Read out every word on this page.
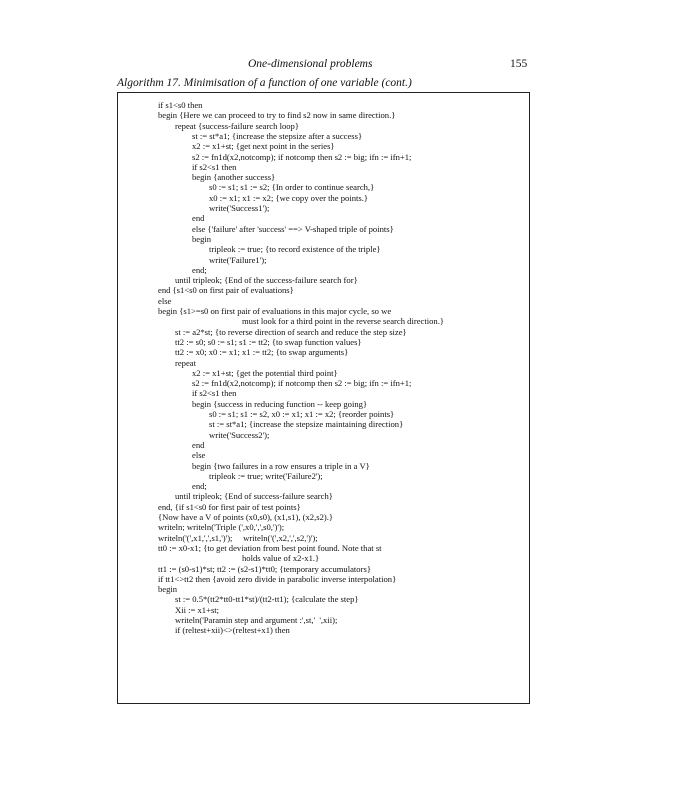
One-dimensional problems	155
Algorithm 17. Minimisation of a function of one variable (cont.)
if s1<s0 then
begin {Here we can proceed to try to find s2 now in same direction.}
repeat {success-failure search loop}
st := st*a1; {increase the stepsize after a success}
x2 := x1+st; {get next point in the series}
s2 := fn1d(x2,notcomp); if notcomp then s2 := big; ifn := ifn+1;
if s2<s1 then
begin {another success}
s0 := s1; s1 := s2; {In order to continue search,}
x0 := x1; x1 := x2; {we copy over the points.}
write('Success1');
end
else {'failure' after 'success' ==> V-shaped triple of points}
begin
tripleok := true; {to record existence of the triple}
write('Failure1');
end;
until tripleok; {End of the success-failure search for}
end {s1<s0 on first pair of evaluations}
else
begin {s1>=s0 on first pair of evaluations in this major cycle, so we
must look for a third point in the reverse search direction.}
st := a2*st; {to reverse direction of search and reduce the step size}
tt2 := s0; s0 := s1; s1 := tt2; {to swap function values}
tt2 := x0; x0 := x1; x1 := tt2; {to swap arguments}
repeat
x2 := x1+st; {get the potential third point}
s2 := fn1d(x2,notcomp); if notcomp then s2 := big; ifn := ifn+1;
if s2<s1 then
begin {success in reducing function -- keep going}
s0 := s1; s1 := s2, x0 := x1; x1 := x2; {reorder points}
st := st*a1; {increase the stepsize maintaining direction}
write('Success2');
end
else
begin {two failures in a row ensures a triple in a V}
tripleok := true; write('Failure2');
end;
until tripleok; {End of success-failure search}
end, {if s1<s0 for first pair of test points}
{Now have a V of points (x0,s0), (x1,s1), (x2,s2).}
writeln; writeln('Triple (',x0,',',s0,')');
writeln('(',x1,',',s1,')');     writeln('(',x2,',',s2,')');
tt0 := x0-x1; {to get deviation from best point found. Note that st
holds value of x2-x1.}
tt1 := (s0-s1)*st; tt2 := (s2-s1)*tt0; {temporary accumulators}
if tt1<>tt2 then {avoid zero divide in parabolic inverse interpolation}
begin
st := 0.5*(tt2*tt0-tt1*st)/(tt2-tt1); {calculate the step}
Xii := x1+st;
writeln('Paramin step and argument :',st,'  ',xii);
if (reltest+xii)<>(reltest+x1) then
